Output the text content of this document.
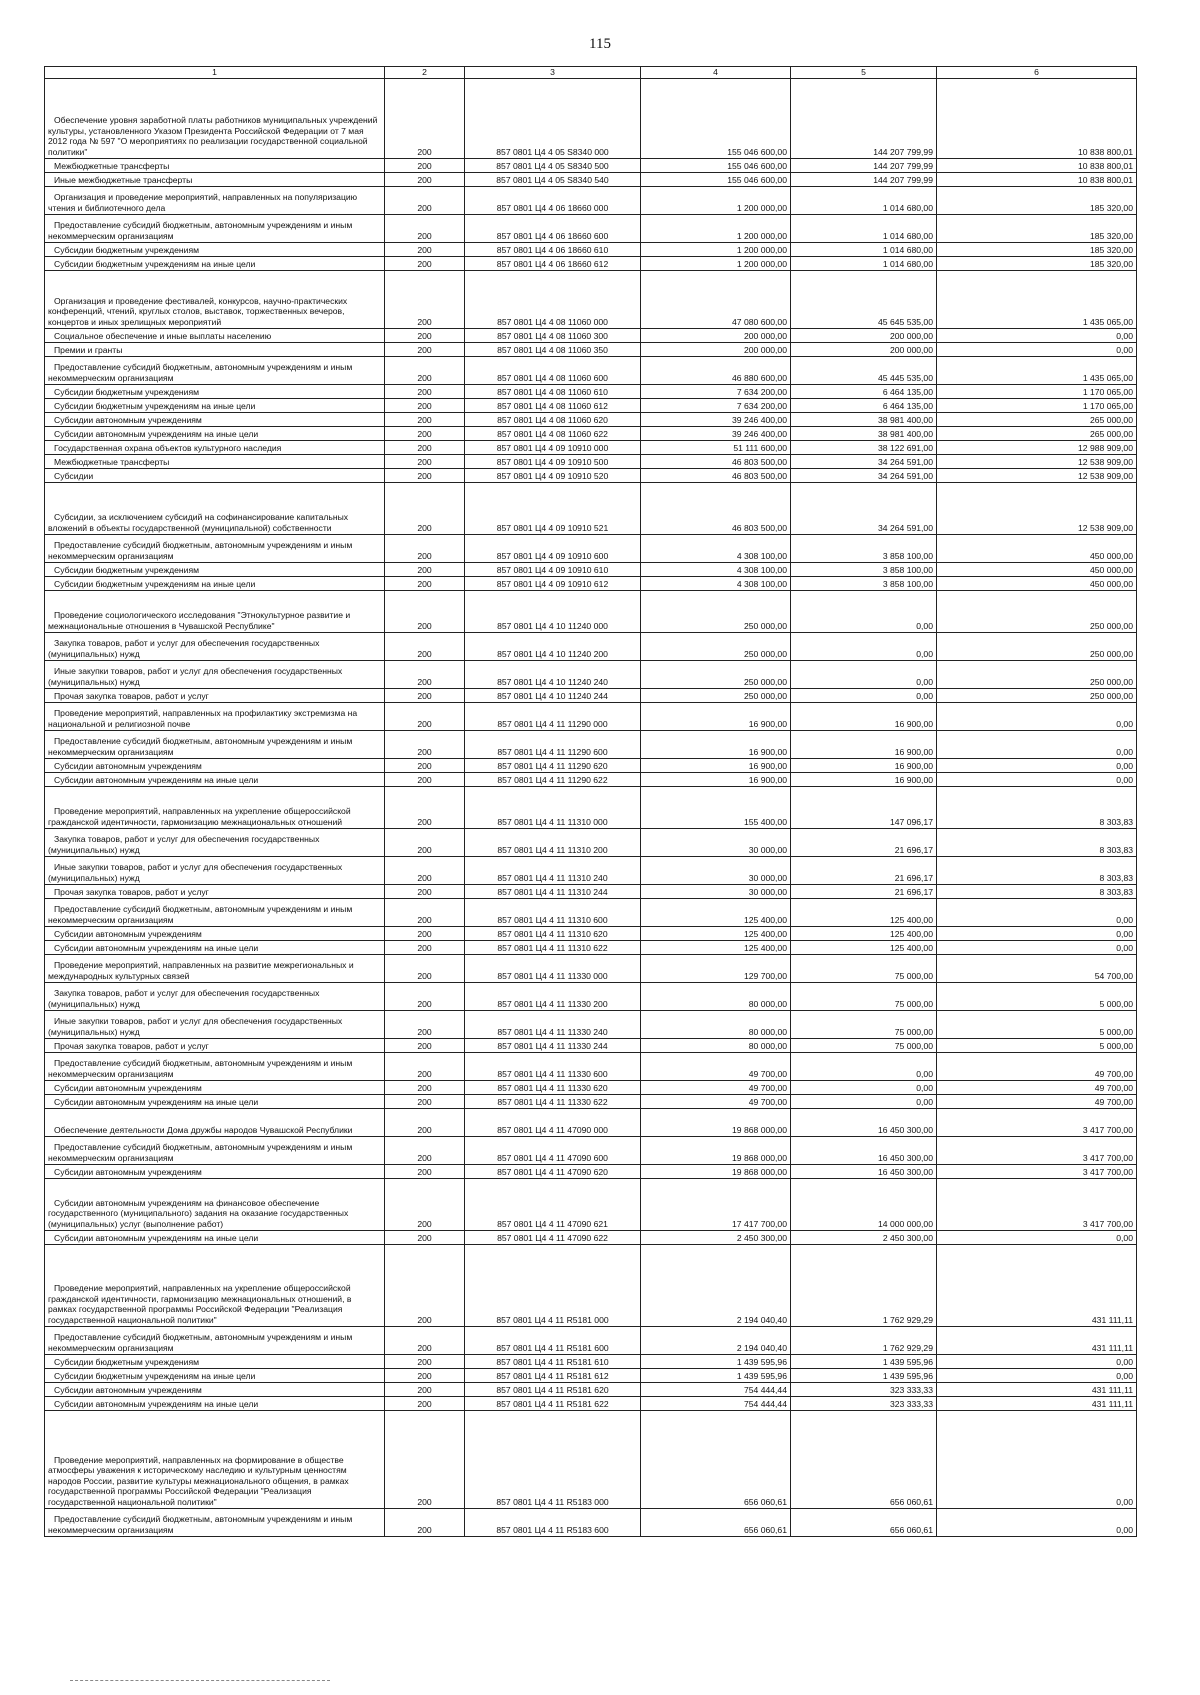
115
1	2	3	4	5	6

Обеспечение уровня заработной платы работников муниципальных учреждений культуры, установленного Указом Президента Российской Федерации от 7 мая 2012 года № 597 "О мероприятиях по реализации государственной социальной политики"	200	857 0801 Ц4 4 05 S8340 000	155 046 600,00	144 207 799,99	10 838 800,01

Межбюджетные трансферты	200	857 0801 Ц4 4 05 S8340 500	155 046 600,00	144 207 799,99	10 838 800,01

Иные межбюджетные трансферты	200	857 0801 Ц4 4 05 S8340 540	155 046 600,00	144 207 799,99	10 838 800,01

Организация и проведение мероприятий, направленных на популяризацию чтения и библиотечного дела	200	857 0801 Ц4 4 06 18660 000	1 200 000,00	1 014 680,00	185 320,00

Предоставление субсидий бюджетным, автономным учреждениям и иным некоммерческим организациям	200	857 0801 Ц4 4 06 18660 600	1 200 000,00	1 014 680,00	185 320,00

Субсидии бюджетным учреждениям	200	857 0801 Ц4 4 06 18660 610	1 200 000,00	1 014 680,00	185 320,00

Субсидии бюджетным учреждениям на иные цели	200	857 0801 Ц4 4 06 18660 612	1 200 000,00	1 014 680,00	185 320,00

Организация и проведение фестивалей, конкурсов, научно-практических конференций, чтений, круглых столов, выставок, торжественных вечеров, концертов и иных зрелищных мероприятий	200	857 0801 Ц4 4 08 11060 000	47 080 600,00	45 645 535,00	1 435 065,00

Социальное обеспечение и иные выплаты населению	200	857 0801 Ц4 4 08 11060 300	200 000,00	200 000,00	0,00

Премии и гранты	200	857 0801 Ц4 4 08 11060 350	200 000,00	200 000,00	0,00

Предоставление субсидий бюджетным, автономным учреждениям и иным некоммерческим организациям	200	857 0801 Ц4 4 08 11060 600	46 880 600,00	45 445 535,00	1 435 065,00

Субсидии бюджетным учреждениям	200	857 0801 Ц4 4 08 11060 610	7 634 200,00	6 464 135,00	1 170 065,00

Субсидии бюджетным учреждениям на иные цели	200	857 0801 Ц4 4 08 11060 612	7 634 200,00	6 464 135,00	1 170 065,00

Субсидии автономным учреждениям	200	857 0801 Ц4 4 08 11060 620	39 246 400,00	38 981 400,00	265 000,00

Субсидии автономным учреждениям на иные цели	200	857 0801 Ц4 4 08 11060 622	39 246 400,00	38 981 400,00	265 000,00

Государственная охрана объектов культурного наследия	200	857 0801 Ц4 4 09 10910 000	51 111 600,00	38 122 691,00	12 988 909,00

Межбюджетные трансферты	200	857 0801 Ц4 4 09 10910 500	46 803 500,00	34 264 591,00	12 538 909,00

Субсидии	200	857 0801 Ц4 4 09 10910 520	46 803 500,00	34 264 591,00	12 538 909,00

Субсидии, за исключением субсидий на софинансирование капитальных вложений в объекты государственной (муниципальной) собственности	200	857 0801 Ц4 4 09 10910 521	46 803 500,00	34 264 591,00	12 538 909,00

Предоставление субсидий бюджетным, автономным учреждениям и иным некоммерческим организациям	200	857 0801 Ц4 4 09 10910 600	4 308 100,00	3 858 100,00	450 000,00

Субсидии бюджетным учреждениям	200	857 0801 Ц4 4 09 10910 610	4 308 100,00	3 858 100,00	450 000,00

Субсидии бюджетным учреждениям на иные цели	200	857 0801 Ц4 4 09 10910 612	4 308 100,00	3 858 100,00	450 000,00

Проведение социологического исследования "Этнокультурное развитие и межнациональные отношения в Чувашской Республике"	200	857 0801 Ц4 4 10 11240 000	250 000,00	0,00	250 000,00

Закупка товаров, работ и услуг для обеспечения государственных (муниципальных) нужд	200	857 0801 Ц4 4 10 11240 200	250 000,00	0,00	250 000,00

Иные закупки товаров, работ и услуг для обеспечения государственных (муниципальных) нужд	200	857 0801 Ц4 4 10 11240 240	250 000,00	0,00	250 000,00

Прочая закупка товаров, работ и услуг	200	857 0801 Ц4 4 10 11240 244	250 000,00	0,00	250 000,00

Проведение мероприятий, направленных на профилактику экстремизма на национальной и религиозной почве	200	857 0801 Ц4 4 11 11290 000	16 900,00	16 900,00	0,00

Предоставление субсидий бюджетным, автономным учреждениям и иным некоммерческим организациям	200	857 0801 Ц4 4 11 11290 600	16 900,00	16 900,00	0,00

Субсидии автономным учреждениям	200	857 0801 Ц4 4 11 11290 620	16 900,00	16 900,00	0,00

Субсидии автономным учреждениям на иные цели	200	857 0801 Ц4 4 11 11290 622	16 900,00	16 900,00	0,00

Проведение мероприятий, направленных на укрепление общероссийской гражданской идентичности, гармонизацию межнациональных отношений	200	857 0801 Ц4 4 11 11310 000	155 400,00	147 096,17	8 303,83

Закупка товаров, работ и услуг для обеспечения государственных (муниципальных) нужд	200	857 0801 Ц4 4 11 11310 200	30 000,00	21 696,17	8 303,83

Иные закупки товаров, работ и услуг для обеспечения государственных (муниципальных) нужд	200	857 0801 Ц4 4 11 11310 240	30 000,00	21 696,17	8 303,83

Прочая закупка товаров, работ и услуг	200	857 0801 Ц4 4 11 11310 244	30 000,00	21 696,17	8 303,83

Предоставление субсидий бюджетным, автономным учреждениям и иным некоммерческим организациям	200	857 0801 Ц4 4 11 11310 600	125 400,00	125 400,00	0,00

Субсидии автономным учреждениям	200	857 0801 Ц4 4 11 11310 620	125 400,00	125 400,00	0,00

Субсидии автономным учреждениям на иные цели	200	857 0801 Ц4 4 11 11310 622	125 400,00	125 400,00	0,00

Проведение мероприятий, направленных на развитие межрегиональных и международных культурных связей	200	857 0801 Ц4 4 11 11330 000	129 700,00	75 000,00	54 700,00

Закупка товаров, работ и услуг для обеспечения государственных (муниципальных) нужд	200	857 0801 Ц4 4 11 11330 200	80 000,00	75 000,00	5 000,00

Иные закупки товаров, работ и услуг для обеспечения государственных (муниципальных) нужд	200	857 0801 Ц4 4 11 11330 240	80 000,00	75 000,00	5 000,00

Прочая закупка товаров, работ и услуг	200	857 0801 Ц4 4 11 11330 244	80 000,00	75 000,00	5 000,00

Предоставление субсидий бюджетным, автономным учреждениям и иным некоммерческим организациям	200	857 0801 Ц4 4 11 11330 600	49 700,00	0,00	49 700,00

Субсидии автономным учреждениям	200	857 0801 Ц4 4 11 11330 620	49 700,00	0,00	49 700,00

Субсидии автономным учреждениям на иные цели	200	857 0801 Ц4 4 11 11330 622	49 700,00	0,00	49 700,00

Обеспечение деятельности Дома дружбы народов Чувашской Республики	200	857 0801 Ц4 4 11 47090 000	19 868 000,00	16 450 300,00	3 417 700,00

Предоставление субсидий бюджетным, автономным учреждениям и иным некоммерческим организациям	200	857 0801 Ц4 4 11 47090 600	19 868 000,00	16 450 300,00	3 417 700,00

Субсидии автономным учреждениям	200	857 0801 Ц4 4 11 47090 620	19 868 000,00	16 450 300,00	3 417 700,00

Субсидии автономным учреждениям на финансовое обеспечение государственного (муниципального) задания на оказание государственных (муниципальных) услуг (выполнение работ)	200	857 0801 Ц4 4 11 47090 621	17 417 700,00	14 000 000,00	3 417 700,00

Субсидии автономным учреждениям на иные цели	200	857 0801 Ц4 4 11 47090 622	2 450 300,00	2 450 300,00	0,00

Проведение мероприятий, направленных на укрепление общероссийской гражданской идентичности, гармонизацию межнациональных отношений, в рамках государственной программы Российской Федерации "Реализация государственной национальной политики"	200	857 0801 Ц4 4 11 R5181 000	2 194 040,40	1 762 929,29	431 111,11

Предоставление субсидий бюджетным, автономным учреждениям и иным некоммерческим организациям	200	857 0801 Ц4 4 11 R5181 600	2 194 040,40	1 762 929,29	431 111,11

Субсидии бюджетным учреждениям	200	857 0801 Ц4 4 11 R5181 610	1 439 595,96	1 439 595,96	0,00

Субсидии бюджетным учреждениям на иные цели	200	857 0801 Ц4 4 11 R5181 612	1 439 595,96	1 439 595,96	0,00

Субсидии автономным учреждениям	200	857 0801 Ц4 4 11 R5181 620	754 444,44	323 333,33	431 111,11

Субсидии автономным учреждениям на иные цели	200	857 0801 Ц4 4 11 R5181 622	754 444,44	323 333,33	431 111,11

Проведение мероприятий, направленных на формирование в обществе атмосферы уважения к историческому наследию и культурным ценностям народов России, развитие культуры межнационального общения, в рамках государственной программы Российской Федерации "Реализация государственной национальной политики"	200	857 0801 Ц4 4 11 R5183 000	656 060,61	656 060,61	0,00

Предоставление субсидий бюджетным, автономным учреждениям и иным некоммерческим организациям	200	857 0801 Ц4 4 11 R5183 600	656 060,61	656 060,61	0,00
